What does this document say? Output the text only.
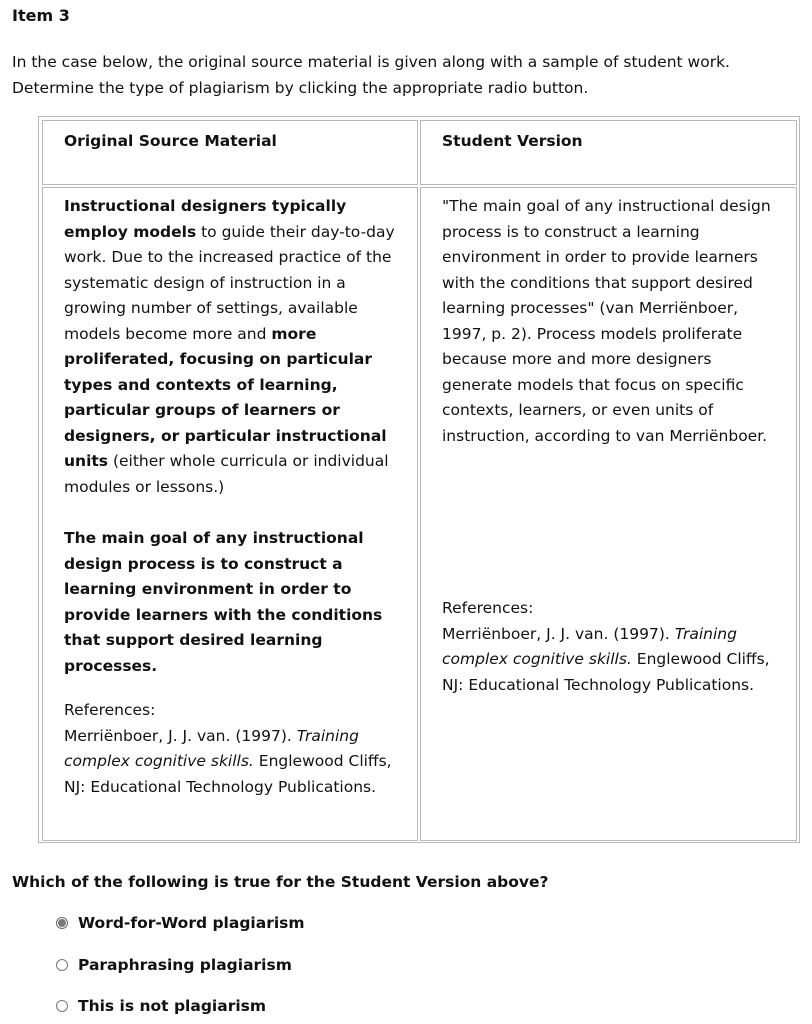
Item 3

In the case below, the original source material is given along with a sample of student work.
Determine the type of plagiarism by clicking the appropriate radio button.

Original Source Material	Student Version

Instructional designers typically employ models to guide their day-to-day work. Due to the increased practice of the systematic design of instruction in a growing number of settings, available models become more and more proliferated, focusing on particular types and contexts of learning, particular groups of learners or designers, or particular instructional units (either whole curricula or individual modules or lessons.)

The main goal of any instructional design process is to construct a learning environment in order to provide learners with the conditions that support desired learning processes.

References:
Merriënboer, J. J. van. (1997). Training complex cognitive skills. Englewood Cliffs, NJ: Educational Technology Publications.

"The main goal of any instructional design process is to construct a learning environment in order to provide learners with the conditions that support desired learning processes" (van Merriënboer, 1997, p. 2). Process models proliferate because more and more designers generate models that focus on specific contexts, learners, or even units of instruction, according to van Merriënboer.

References:
Merriënboer, J. J. van. (1997). Training complex cognitive skills. Englewood Cliffs, NJ: Educational Technology Publications.

Which of the following is true for the Student Version above?

Word-for-Word plagiarism
Paraphrasing plagiarism
This is not plagiarism
